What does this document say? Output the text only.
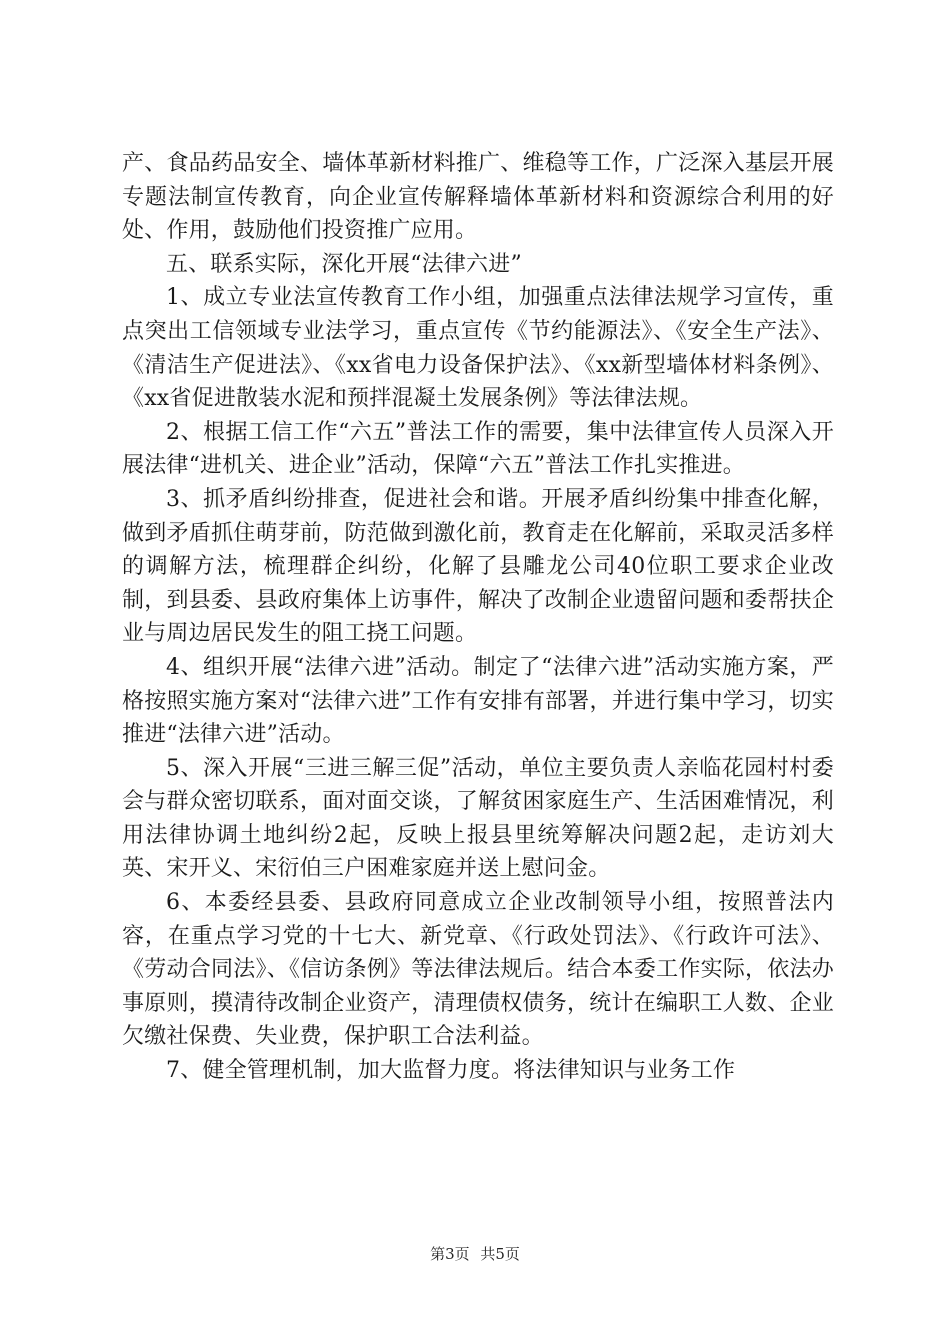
产、食品药品安全、墙体革新材料推广、维稳等工作，广泛深入基层开展专题法制宣传教育，向企业宣传解释墙体革新材料和资源综合利用的好处、作用，鼓励他们投资推广应用。

五、联系实际，深化开展“法律六进”

1、成立专业法宣传教育工作小组，加强重点法律法规学习宣传，重点突出工信领域专业法学习，重点宣传《节约能源法》、《安全生产法》、《清洁生产促进法》、《xx省电力设备保护法》、《xx新型墙体材料条例》、《xx省促进散装水泥和预拌混凝土发展条例》等法律法规。

2、根据工信工作“六五”普法工作的需要，集中法律宣传人员深入开展法律“进机关、进企业”活动，保障“六五”普法工作扎实推进。

3、抓矛盾纠纷排查，促进社会和谐。开展矛盾纠纷集中排查化解，做到矛盾抓住萌芽前，防范做到激化前，教育走在化解前，采取灵活多样的调解方法，梳理群企纠纷，化解了县雕龙公司40位职工要求企业改制，到县委、县政府集体上访事件，解决了改制企业遗留问题和委帮扶企业与周边居民发生的阻工挠工问题。

4、组织开展“法律六进”活动。制定了“法律六进”活动实施方案，严格按照实施方案对“法律六进”工作有安排有部署，并进行集中学习，切实推进“法律六进”活动。

5、深入开展“三进三解三促”活动，单位主要负责人亲临花园村村委会与群众密切联系，面对面交谈，了解贫困家庭生产、生活困难情况，利用法律协调土地纠纷2起，反映上报县里统筹解决问题2起，走访刘大英、宋开义、宋衍伯三户困难家庭并送上慰问金。

6、本委经县委、县政府同意成立企业改制领导小组，按照普法内容，在重点学习党的十七大、新党章、《行政处罚法》、《行政许可法》、《劳动合同法》、《信访条例》等法律法规后。结合本委工作实际，依法办事原则，摸清待改制企业资产，清理债权债务，统计在编职工人数、企业欠缴社保费、失业费，保护职工合法利益。

7、健全管理机制，加大监督力度。将法律知识与业务工作

第3页 共5页
